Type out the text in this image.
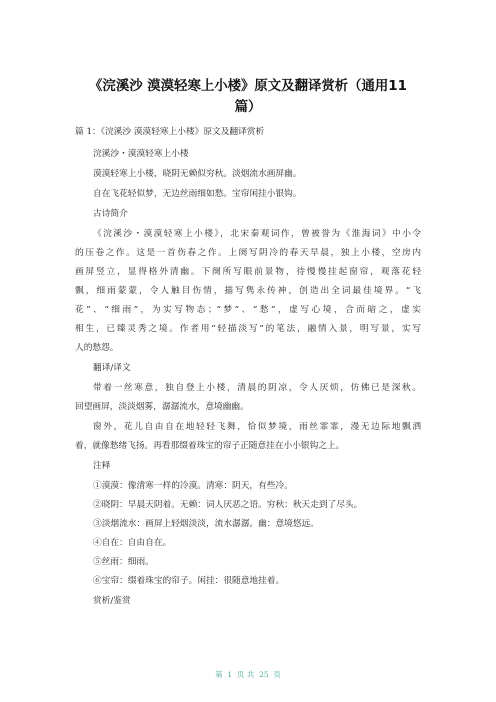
《浣溪沙 漠漠轻寒上小楼》原文及翻译赏析（通用11
篇）
篇 1：《浣溪沙 漠漠轻寒上小楼》原文及翻译赏析
浣溪沙・漠漠轻寒上小楼
漠漠轻寒上小楼，晓阴无赖似穷秋。淡烟流水画屏幽。
自在飞花轻似梦，无边丝雨细如愁。宝帘闲挂小银钩。
古诗简介
《浣溪沙・漠漠轻寒上小楼》，北宋秦观词作，曾被誉为《淮海词》中小令
的压卷之作。这是一首伤春之作。上阕写阴冷的春天早晨，独上小楼，空房内
画屏竖立，显得格外清幽。下阕所写眼前景物，待慢慢挂起窗帘，观落花轻
飘，细雨蒙蒙，令人触目伤情，描写隽永传神，创造出全词最佳境界。“飞
花”、“细雨”，为实写物态；“梦”、“愁”，虚写心境，合而暗之，虚实
相生，已臻灵秀之境。作者用“轻描淡写”的笔法，融情入景，明写景，实写
人的愁怨。
翻译/译文
带着一丝寒意，独自登上小楼，清晨的阴凉，令人厌烦，仿佛已是深秋。
回望画屏，淡淡烟雾，潺潺流水，意境幽幽。
窗外，花儿自由自在地轻轻飞舞，恰似梦境，雨丝霏霏，漫无边际地飘洒
着，就像愁绪飞扬。再看那缀着珠宝的帘子正随意挂在小小银钩之上。
注释
①漠漠：像清寒一样的冷漠。清寒：阴天，有些冷。
②晓阴：早晨天阴着。无赖：词人厌恶之语。穷秋：秋天走到了尽头。
③淡烟流水：画屏上轻烟淡淡，流水潺潺。幽：意境悠远。
④自在：自由自在。
⑤丝雨：细雨。
⑥宝帘：缀着珠宝的帘子。闲挂：很随意地挂着。
赏析/鉴赏
第  1  页 共  25  页
